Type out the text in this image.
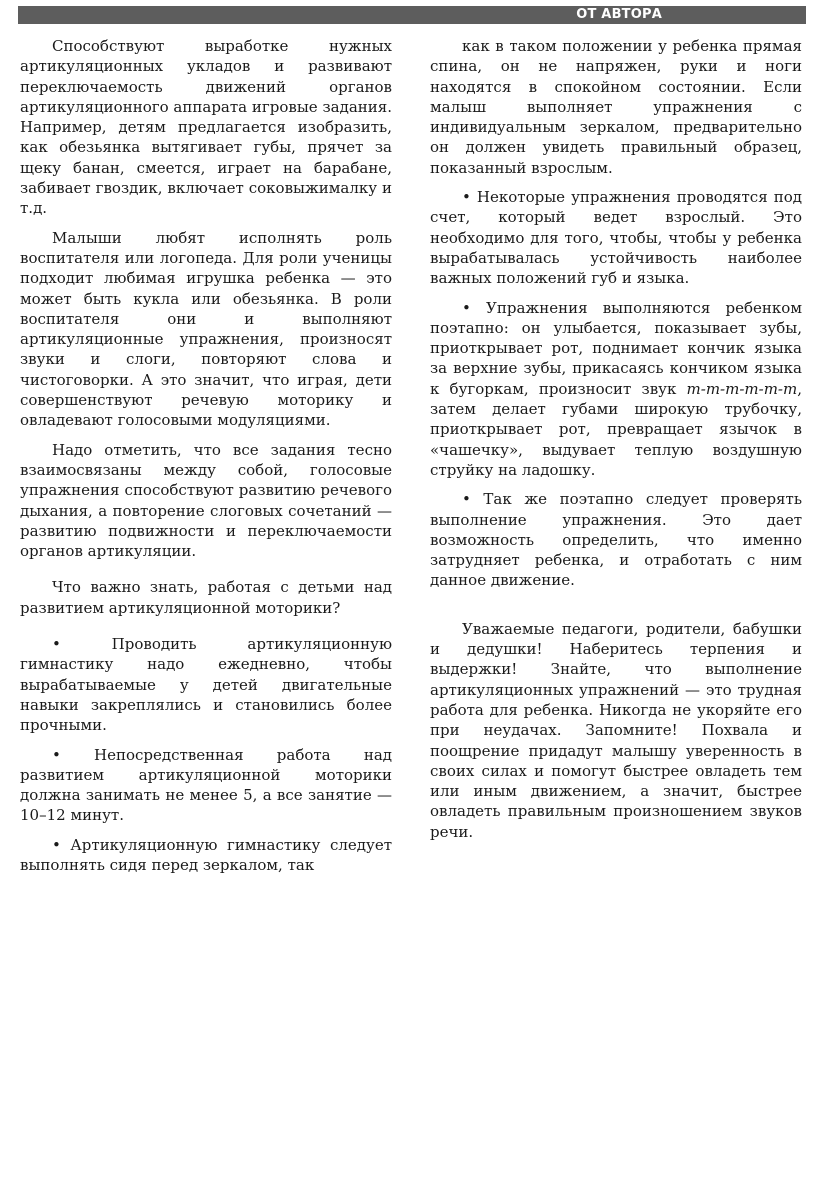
ОТ АВТОРА

Способствуют выработке нужных артикуляционных укладов и развивают переключаемость движений органов артикуляционного аппарата игровые задания. Например, детям предлагается изобразить, как обезьянка вытягивает губы, прячет за щеку банан, смеется, играет на барабане, забивает гвоздик, включает соковыжималку и т.д.

Малыши любят исполнять роль воспитателя или логопеда. Для роли ученицы подходит любимая игрушка ребенка — это может быть кукла или обезьянка. В роли воспитателя они и выполняют артикуляционные упражнения, произносят звуки и слоги, повторяют слова и чистоговорки. А это значит, что играя, дети совершенствуют речевую моторику и овладевают голосовыми модуляциями.

Надо отметить, что все задания тесно взаимосвязаны между собой, голосовые упражнения способствуют развитию речевого дыхания, а повторение слоговых сочетаний — развитию подвижности и переключаемости органов артикуляции.

Что важно знать, работая с детьми над развитием артикуляционной моторики?

• Проводить артикуляционную гимнастику надо ежедневно, чтобы вырабатываемые у детей двигательные навыки закреплялись и становились более прочными.

• Непосредственная работа над развитием артикуляционной моторики должна занимать не менее 5, а все занятие — 10–12 минут.

• Артикуляционную гимнастику следует выполнять сидя перед зеркалом, так

как в таком положении у ребенка прямая спина, он не напряжен, руки и ноги находятся в спокойном состоянии. Если малыш выполняет упражнения с индивидуальным зеркалом, предварительно он должен увидеть правильный образец, показанный взрослым.

• Некоторые упражнения проводятся под счет, который ведет взрослый. Это необходимо для того, чтобы, чтобы у ребенка вырабатывалась устойчивость наиболее важных положений губ и языка.

• Упражнения выполняются ребенком поэтапно: он улыбается, показывает зубы, приоткрывает рот, поднимает кончик языка за верхние зубы, прикасаясь кончиком языка к бугоркам, произносит звук т-т-т-т-т-т, затем делает губами широкую трубочку, приоткрывает рот, превращает язычок в «чашечку», выдувает теплую воздушную струйку на ладошку.

• Так же поэтапно следует проверять выполнение упражнения. Это дает возможность определить, что именно затрудняет ребенка, и отработать с ним данное движение.

Уважаемые педагоги, родители, бабушки и дедушки! Наберитесь терпения и выдержки! Знайте, что выполнение артикуляционных упражнений — это трудная работа для ребенка. Никогда не укоряйте его при неудачах. Запомните! Похвала и поощрение придадут малышу уверенность в своих силах и помогут быстрее овладеть тем или иным движением, а значит, быстрее овладеть правильным произношением звуков речи.
